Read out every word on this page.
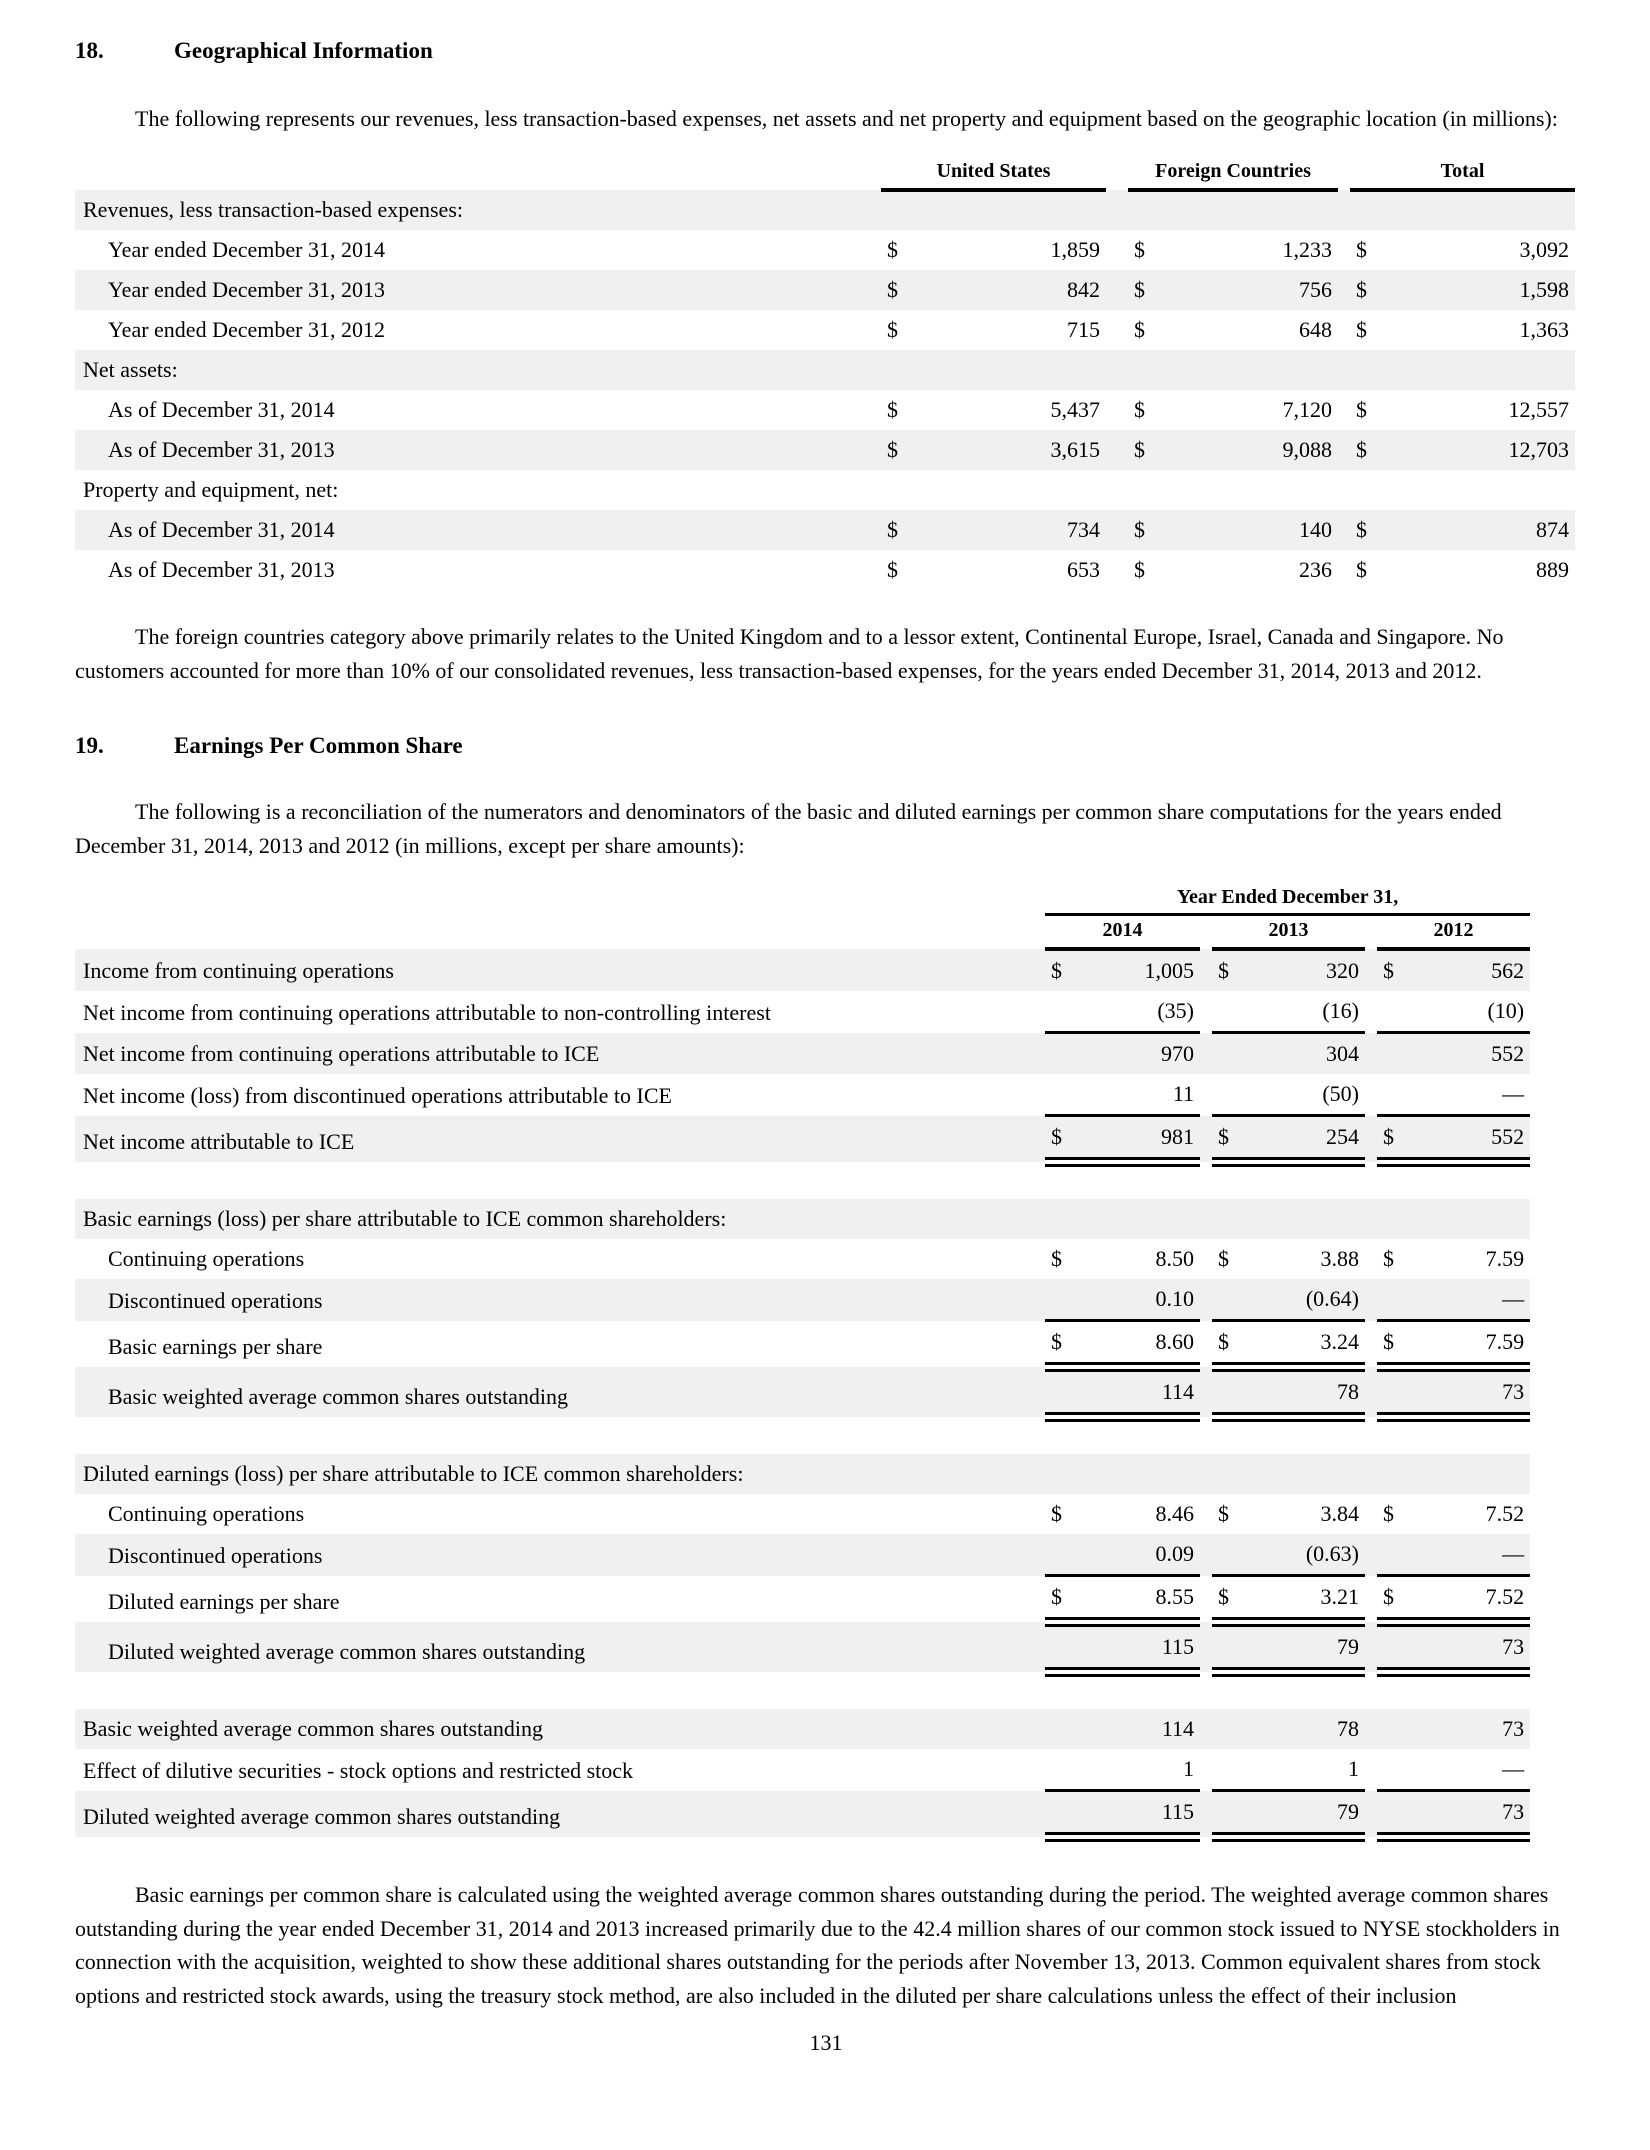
18.	Geographical Information

The following represents our revenues, less transaction-based expenses, net assets and net property and equipment based on the geographic location (in millions):

	United States			Foreign Countries			Total	
Revenues, less transaction-based expenses:								
Year ended December 31, 2014	$	1,859		$	1,233		$	3,092
Year ended December 31, 2013	$	842		$	756		$	1,598
Year ended December 31, 2012	$	715		$	648		$	1,363
Net assets:								
As of December 31, 2014	$	5,437		$	7,120		$	12,557
As of December 31, 2013	$	3,615		$	9,088		$	12,703
Property and equipment, net:								
As of December 31, 2014	$	734		$	140		$	874
As of December 31, 2013	$	653		$	236		$	889

The foreign countries category above primarily relates to the United Kingdom and to a lessor extent, Continental Europe, Israel, Canada and Singapore. No customers accounted for more than 10% of our consolidated revenues, less transaction-based expenses, for the years ended December 31, 2014, 2013 and 2012.

19.	Earnings Per Common Share

The following is a reconciliation of the numerators and denominators of the basic and diluted earnings per common share computations for the years ended December 31, 2014, 2013 and 2012 (in millions, except per share amounts):

	Year Ended December 31,							
	2014			2013			2012	
Income from continuing operations	$	1,005		$	320		$	562
Net income from continuing operations attributable to non-controlling interest		(35)			(16)			(10)
Net income from continuing operations attributable to ICE		970			304			552
Net income (loss) from discontinued operations attributable to ICE		11			(50)			—
Net income attributable to ICE	$	981		$	254		$	552

Basic earnings (loss) per share attributable to ICE common shareholders:								
Continuing operations	$	8.50		$	3.88		$	7.59
Discontinued operations		0.10			(0.64)			—
Basic earnings per share	$	8.60		$	3.24		$	7.59
Basic weighted average common shares outstanding		114			78			73

Diluted earnings (loss) per share attributable to ICE common shareholders:								
Continuing operations	$	8.46		$	3.84		$	7.52
Discontinued operations		0.09			(0.63)			—
Diluted earnings per share	$	8.55		$	3.21		$	7.52
Diluted weighted average common shares outstanding		115			79			73

Basic weighted average common shares outstanding		114			78			73
Effect of dilutive securities - stock options and restricted stock		1			1			—
Diluted weighted average common shares outstanding		115			79			73

Basic earnings per common share is calculated using the weighted average common shares outstanding during the period. The weighted average common shares outstanding during the year ended December 31, 2014 and 2013 increased primarily due to the 42.4 million shares of our common stock issued to NYSE stockholders in connection with the acquisition, weighted to show these additional shares outstanding for the periods after November 13, 2013. Common equivalent shares from stock options and restricted stock awards, using the treasury stock method, are also included in the diluted per share calculations unless the effect of their inclusion

131
